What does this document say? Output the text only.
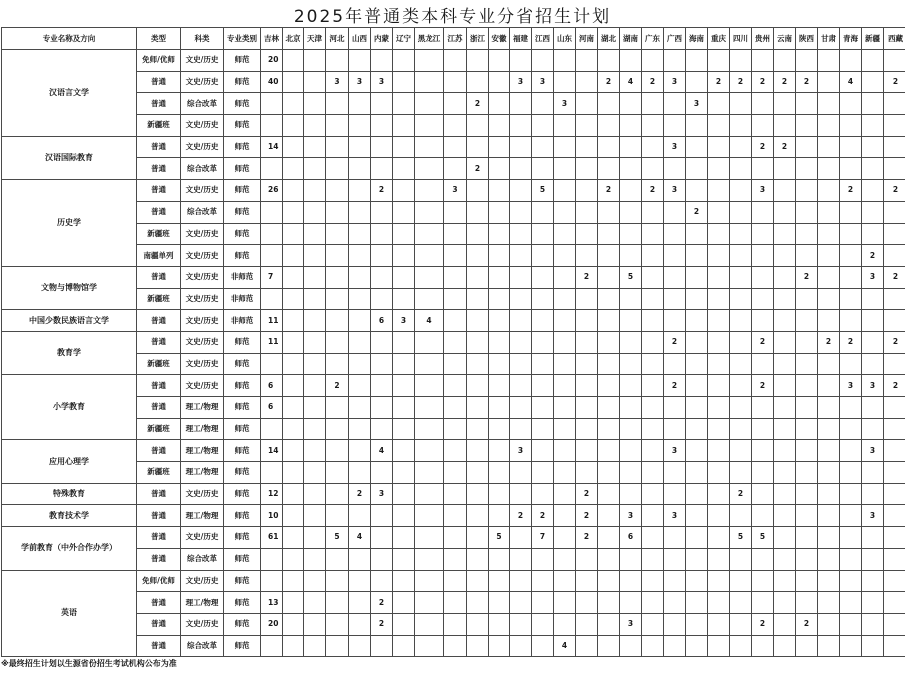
2025年普通类本科专业分省招生计划
专业名称及方向	类型	科类	专业类别	吉林	北京	天津	河北	山西	内蒙	辽宁	黑龙江	江苏	浙江	安徽	福建	江西	山东	河南	湖北	湖南	广东	广西	海南	重庆	四川	贵州	云南	陕西	甘肃	青海	新疆	西藏
汉语言文学	免师/优师	文史/历史	师范	20																												
	普通	文史/历史	师范	40			3	3	3						3	3			2	4	2	3		2	2	2	2	2		4		2
	普通	综合改革	师范										2				3						3									
	新疆班	文史/历史	师范																													
汉语国际教育	普通	文史/历史	师范	14																		3				2	2					
	普通	综合改革	师范										2																			
历史学	普通	文史/历史	师范	26					2			3				5			2		2	3				3				2		2
	普通	综合改革	师范																				2									
	新疆班	文史/历史	师范																													
	南疆单列	文史/历史	师范																												2	
文物与博物馆学	普通	文史/历史	非师范	7														2		5								2			3	2
	新疆班	文史/历史	非师范																													
中国少数民族语言文学	普通	文史/历史	非师范	11					6	3	4																					
教育学	普通	文史/历史	师范	11																		2				2			2	2		2
	新疆班	文史/历史	师范																													
小学教育	普通	文史/历史	师范	6			2															2				2				3	3	2
	普通	理工/物理	师范	6																												
	新疆班	理工/物理	师范																													
应用心理学	普通	理工/物理	师范	14					4						3							3									3	
	新疆班	理工/物理	师范																													
特殊教育	普通	文史/历史	师范	12				2	3									2							2							
教育技术学	普通	理工/物理	师范	10											2	2		2		3		3									3	
学前教育（中外合作办学）	普通	文史/历史	师范	61			5	4						5		7		2		6					5	5						
	普通	综合改革	师范																													
英语	免师/优师	文史/历史	师范																													
	普通	理工/物理	师范	13					2																							
	普通	文史/历史	师范	20					2											3						2		2				
	普通	综合改革	师范														4															
※最终招生计划以生源省份招生考试机构公布为准
